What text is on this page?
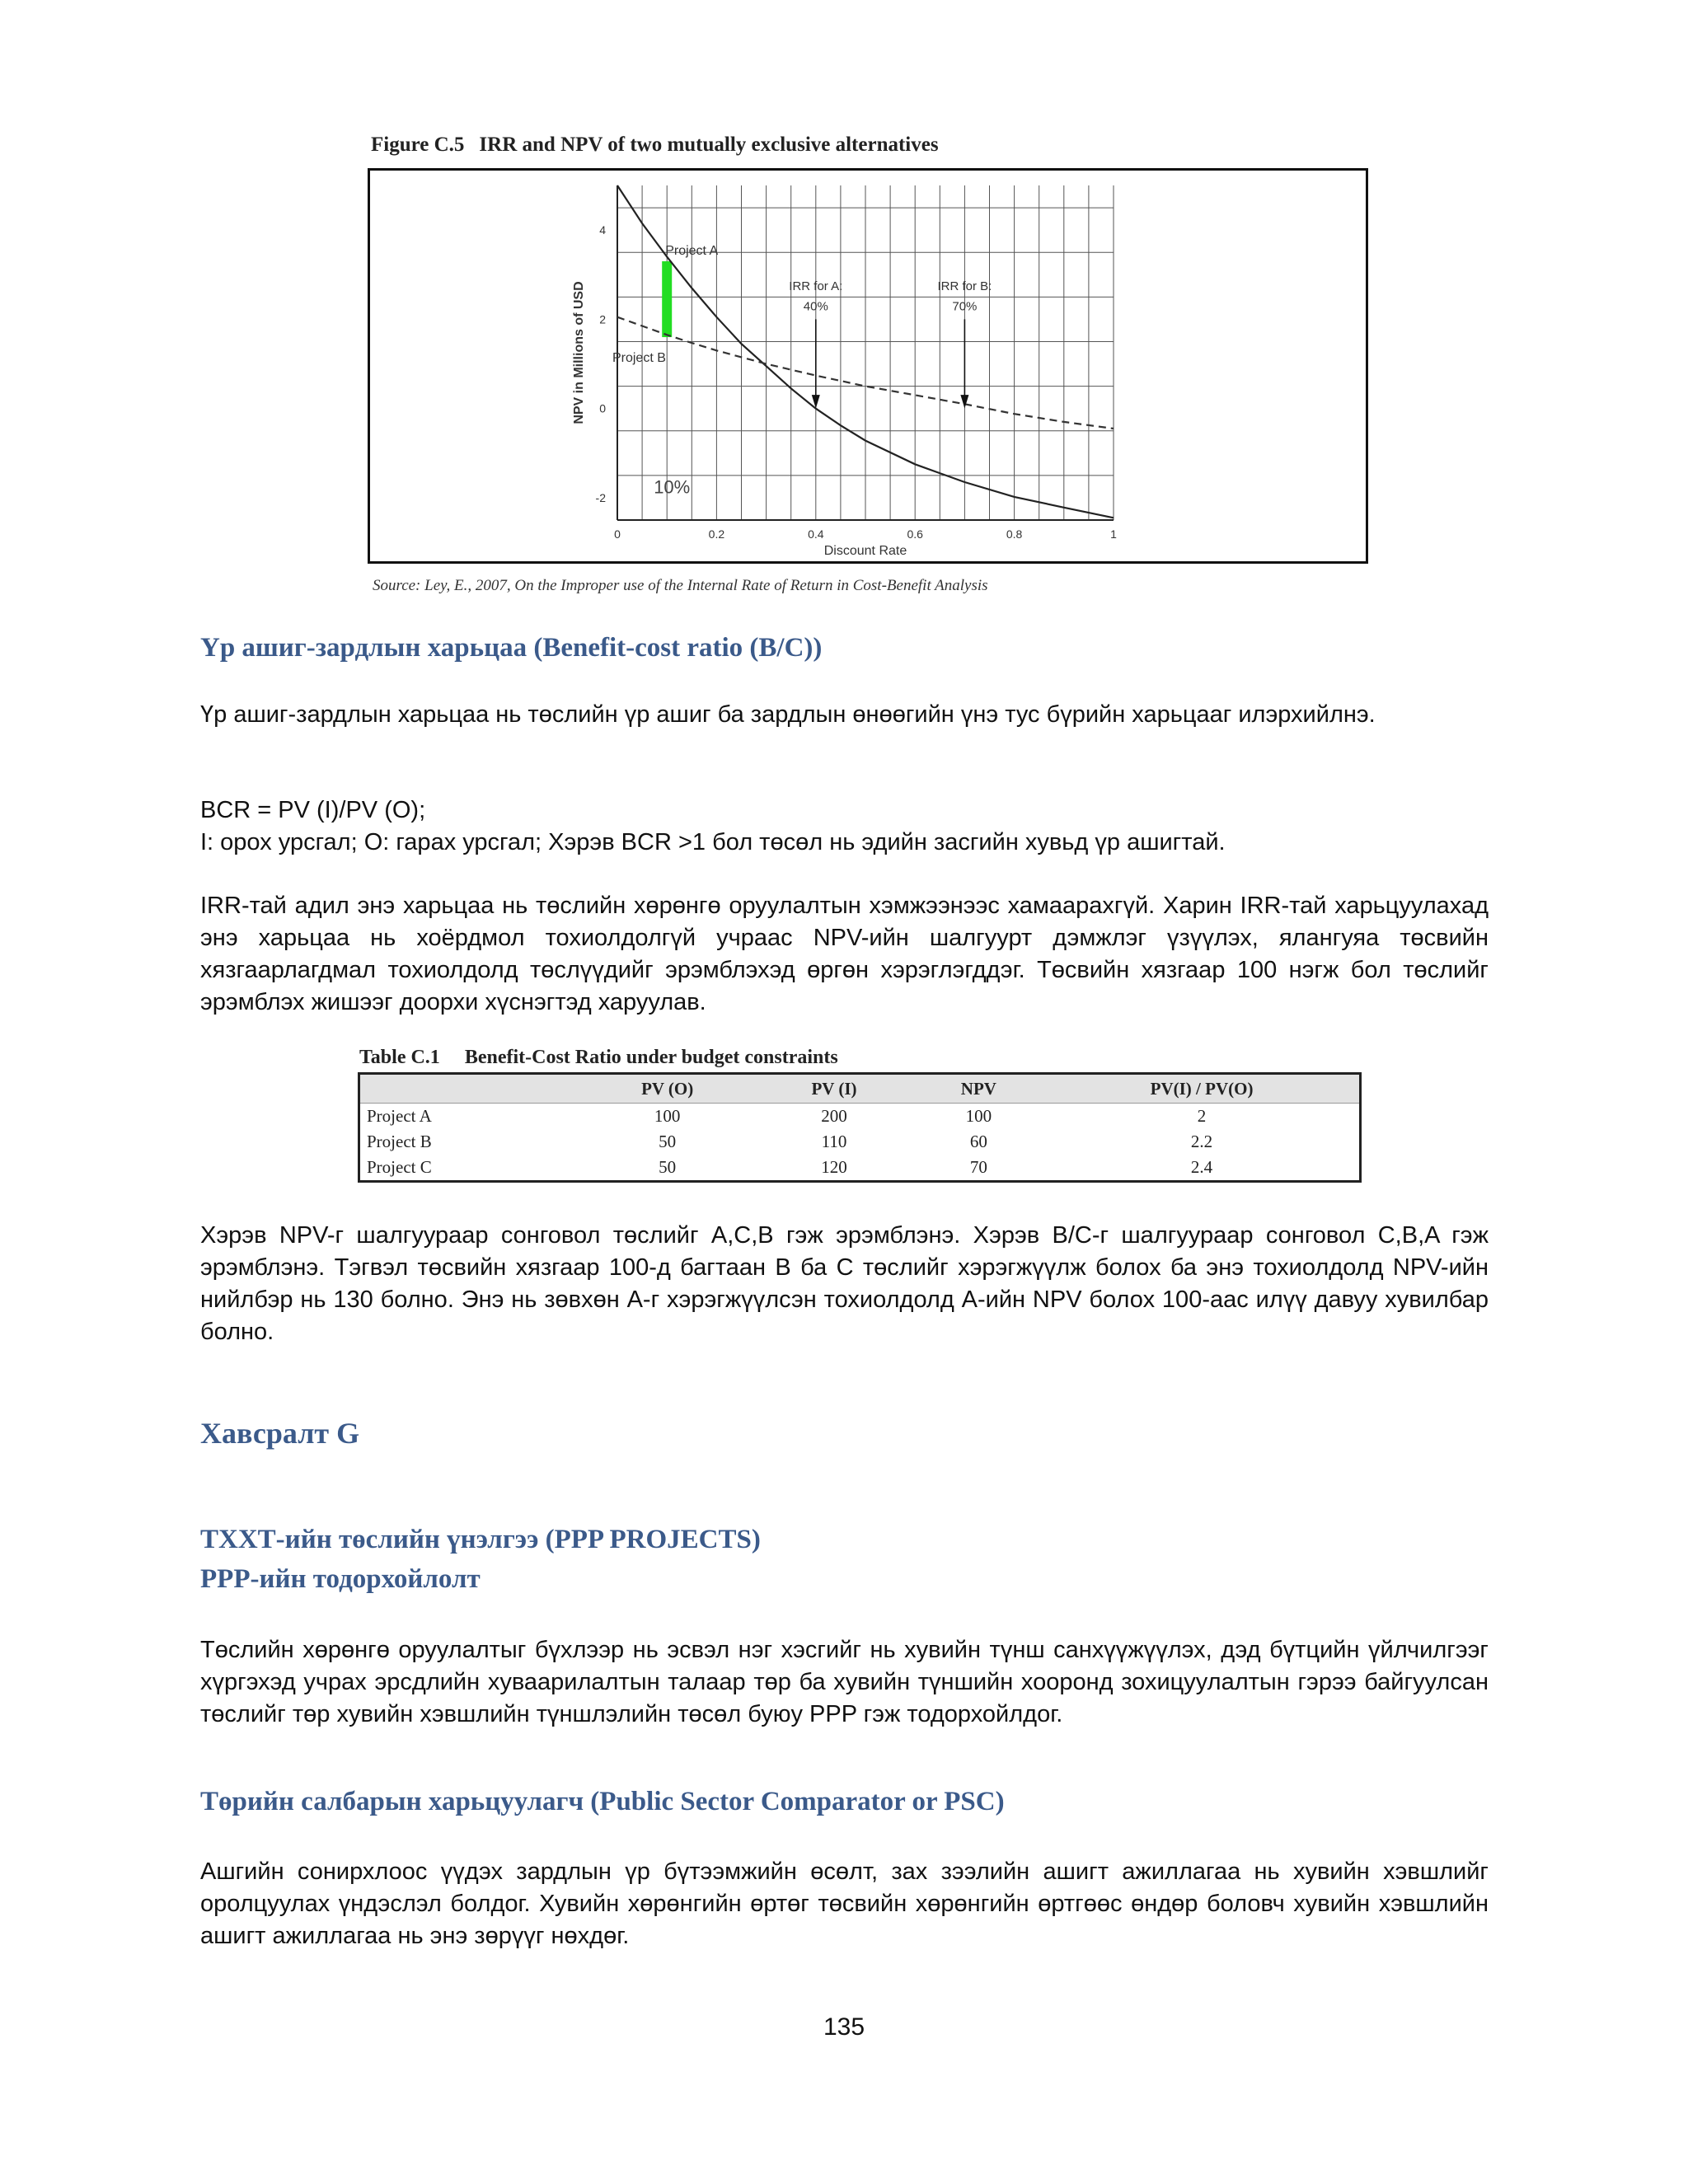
Figure C.5 IRR and NPV of two mutually exclusive alternatives
0	0.2	0.4	0.6	0.8	1
4
2
0
-2
Discount Rate
NPV in Millions of USD
10%
Project A
Project B
IRR for A:
40%
IRR for B:
70%
Source: Ley, E., 2007, On the Improper use of the Internal Rate of Return in Cost-Benefit Analysis
Үр ашиг-зардлын харьцаа (Benefit-cost ratio (B/C))

Үр ашиг-зардлын харьцаа нь төслийн үр ашиг ба зардлын өнөөгийн үнэ тус бүрийн харьцааг илэрхийлнэ.

BCR = PV (I)/PV (O);

I: орох урсгал; O: гарах урсгал; Хэрэв BCR >1 бол төсөл нь эдийн засгийн хувьд үр ашигтай.

IRR-тай адил энэ харьцаа нь төслийн хөрөнгө оруулалтын хэмжээнээс хамаарахгүй. Харин IRR-тай харьцуулахад энэ харьцаа нь хоёрдмол тохиолдолгүй учраас NPV-ийн шалгуурт дэмжлэг үзүүлэх, ялангуяа төсвийн хязгаарлагдмал тохиолдолд төслүүдийг эрэмблэхэд өргөн хэрэглэгддэг. Төсвийн хязгаар 100 нэгж бол төслийг эрэмблэх жишээг доорхи хүснэгтэд харуулав.

Table C.1 Benefit-Cost Ratio under budget constraints
	PV (O)	PV (I)	NPV	PV(I) / PV(O)
Project A	100	200	100	2
Project B	50	110	60	2.2
Project C	50	120	70	2.4

Хэрэв NPV-г шалгуураар сонговол төслийг A,C,B гэж эрэмблэнэ. Хэрэв B/C-г шалгуураар сонговол C,B,A гэж эрэмблэнэ. Тэгвэл төсвийн хязгаар 100-д багтаан B ба C төслийг хэрэгжүүлж болох ба энэ тохиолдолд NPV-ийн нийлбэр нь 130 болно. Энэ нь зөвхөн A-г хэрэгжүүлсэн тохиолдолд A-ийн NPV болох 100-аас илүү давуу хувилбар болно.

Хавсралт G
ТХХТ-ийн төслийн үнэлгээ (PPP PROJECTS)
PPP-ийн тодорхойлолт

Төслийн хөрөнгө оруулалтыг бүхлээр нь эсвэл нэг хэсгийг нь хувийн түнш санхүүжүүлэх, дэд бүтцийн үйлчилгээг хүргэхэд учрах эрсдлийн хуваарилалтын талаар төр ба хувийн түншийн хооронд зохицуулалтын гэрээ байгуулсан төслийг төр хувийн хэвшлийн түншлэлийн төсөл буюу PPP гэж тодорхойлдог.

Төрийн салбарын харьцуулагч (Public Sector Comparator or PSC)

Ашгийн сонирхлоос үүдэх зардлын үр бүтээмжийн өсөлт, зах зээлийн ашигт ажиллагаа нь хувийн хэвшлийг оролцуулах үндэслэл болдог. Хувийн хөрөнгийн өртөг төсвийн хөрөнгийн өртгөөс өндөр боловч хувийн хэвшлийн ашигт ажиллагаа нь энэ зөрүүг нөхдөг.

135
